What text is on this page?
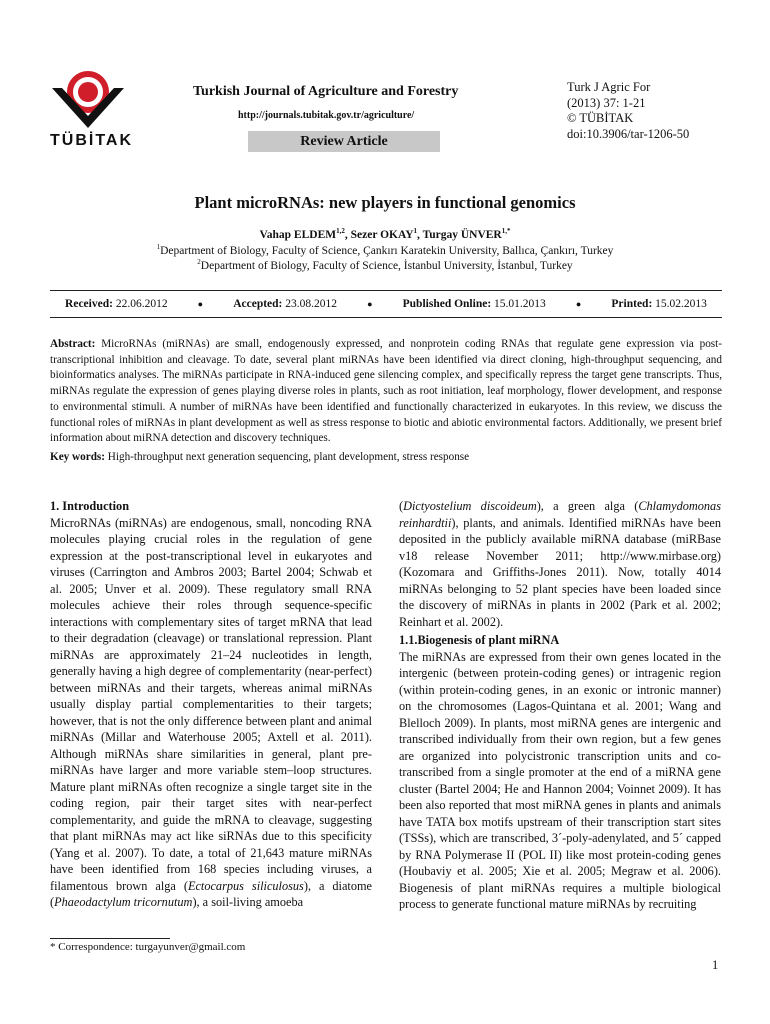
TÜBİTAK
Turkish Journal of Agriculture and Forestry
http://journals.tubitak.gov.tr/agriculture/
Review Article
Turk J Agric For
(2013) 37: 1-21
© TÜBİTAK
doi:10.3906/tar-1206-50
Plant microRNAs: new players in functional genomics
Vahap ELDEM$^{1,2}$, Sezer OKAY$^1$, Turgay $ÜNVER^{1,*}$
$^1$Department of Biology, Faculty of Science, Çankırı Karatekin University, Ballıca, Çankırı, Turkey
$^2$Department of Biology, Faculty of Science, İstanbul University, İstanbul, Turkey
Received: 22.06.2012	●	Accepted: 23.08.2012	●	Published Online: 15.01.2013	●	Printed: 15.02.2013
Abstract: MicroRNAs (miRNAs) are small, endogenously expressed, and nonprotein coding RNAs that regulate gene expression via post-transcriptional inhibition and cleavage. To date, several plant miRNAs have been identified via direct cloning, high-throughput sequencing, and bioinformatics analyses. The miRNAs participate in RNA-induced gene silencing complex, and specifically repress the target gene transcripts. Thus, miRNAs regulate the expression of genes playing diverse roles in plants, such as root initiation, leaf morphology, flower development, and response to environmental stimuli. A number of miRNAs have been identified and functionally characterized in eukaryotes. In this review, we discuss the functional roles of miRNAs in plant development as well as stress response to biotic and abiotic environmental factors. Additionally, we present brief information about miRNA detection and discovery techniques.
Key words: High-throughput next generation sequencing, plant development, stress response

1. Introduction

MicroRNAs (miRNAs) are endogenous, small, noncoding RNA molecules playing crucial roles in the regulation of gene expression at the post-transcriptional level in eukaryotes and viruses (Carrington and Ambros 2003; Bartel 2004; Schwab et al. 2005; Unver et al. 2009). These regulatory small RNA molecules achieve their roles through sequence-specific interactions with complementary sites of target mRNA that lead to their degradation (cleavage) or translational repression. Plant miRNAs are approximately 21–24 nucleotides in length, generally having a high degree of complementarity (near-perfect) between miRNAs and their targets, whereas animal miRNAs usually display partial complementarities to their targets; however, that is not the only difference between plant and animal miRNAs (Millar and Waterhouse 2005; Axtell et al. 2011). Although miRNAs share similarities in general, plant pre-miRNAs have larger and more variable stem–loop structures. Mature plant miRNAs often recognize a single target site in the coding region, pair their target sites with near-perfect complementarity, and guide the mRNA to cleavage, suggesting that plant miRNAs may act like siRNAs due to this specificity (Yang et al. 2007). To date, a total of 21,643 mature miRNAs have been identified from 168 species including viruses, a filamentous brown alga (Ectocarpus siliculosus), a diatome (Phaeodactylum tricornutum), a soil-living amoeba

(Dictyostelium discoideum), a green alga (Chlamydomonas reinhardtii), plants, and animals. Identified miRNAs have been deposited in the publicly available miRNA database (miRBase v18 release November 2011; http://www.mirbase.org) (Kozomara and Griffiths-Jones 2011). Now, totally 4014 miRNAs belonging to 52 plant species have been loaded since the discovery of miRNAs in plants in 2002 (Park et al. 2002; Reinhart et al. 2002).

1.1.Biogenesis of plant miRNA

The miRNAs are expressed from their own genes located in the intergenic (between protein-coding genes) or intragenic region (within protein-coding genes, in an exonic or intronic manner) on the chromosomes (Lagos-Quintana et al. 2001; Wang and Blelloch 2009). In plants, most miRNA genes are intergenic and transcribed individually from their own region, but a few genes are organized into polycistronic transcription units and co-transcribed from a single promoter at the end of a miRNA gene cluster (Bartel 2004; He and Hannon 2004; Voinnet 2009). It has been also reported that most miRNA genes in plants and animals have TATA box motifs upstream of their transcription start sites (TSSs), which are transcribed, 3´-poly-adenylated, and 5´ capped by RNA Polymerase II (POL II) like most protein-coding genes (Houbaviy et al. 2005; Xie et al. 2005; Megraw et al. 2006). Biogenesis of plant miRNAs requires a multiple biological process to generate functional mature miRNAs by recruiting

* Correspondence: turgayunver@gmail.com
1
